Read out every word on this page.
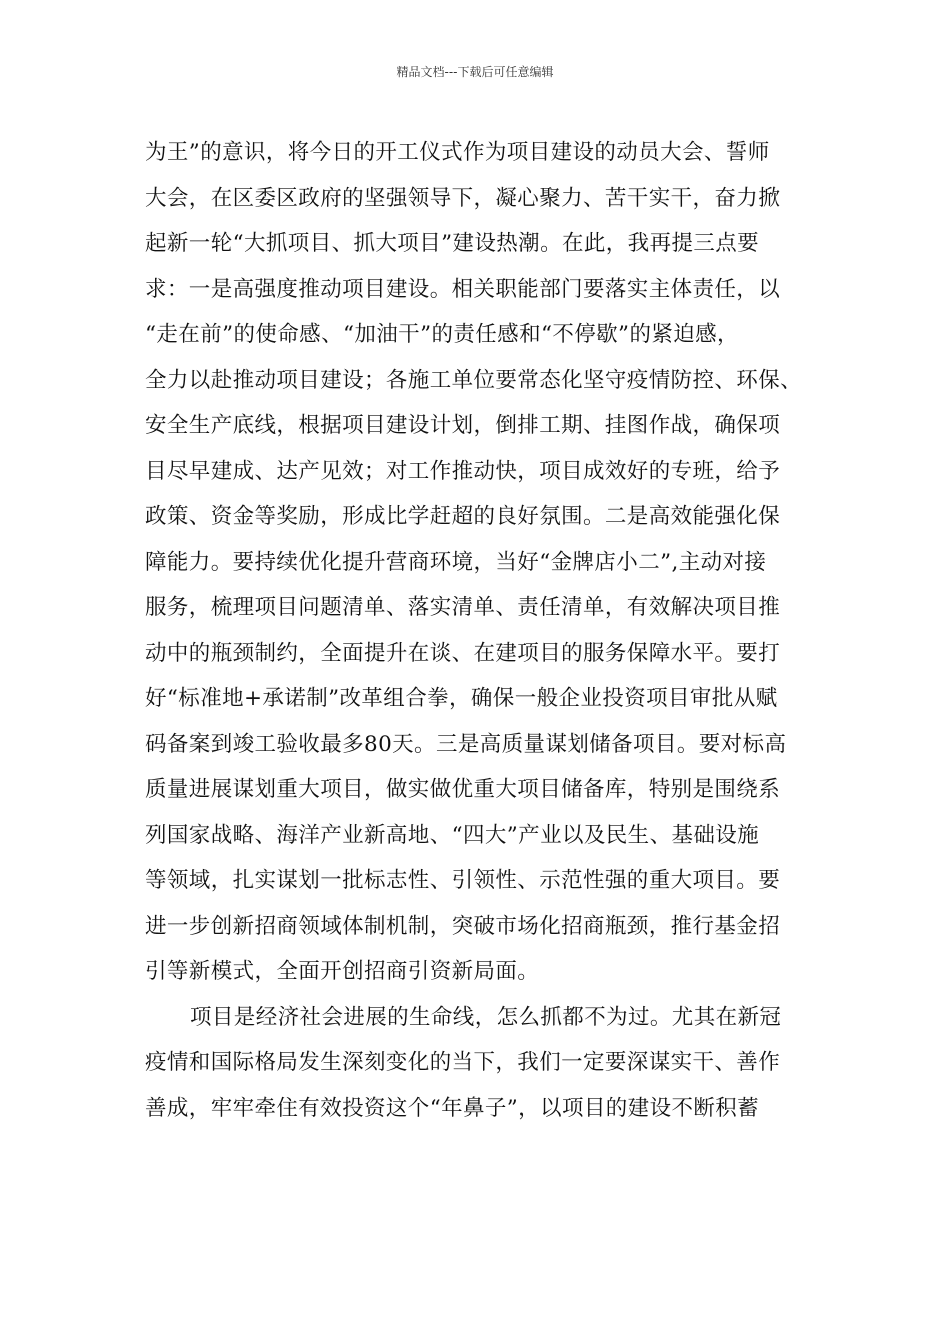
精品文档---下载后可任意编辑
为王”的意识，将今日的开工仪式作为项目建设的动员大会、誓师
大会，在区委区政府的坚强领导下，凝心聚力、苦干实干，奋力掀
起新一轮“大抓项目、抓大项目”建设热潮。在此，我再提三点要
求：一是高强度推动项目建设。相关职能部门要落实主体责任，以
“走在前”的使命感、“加油干”的责任感和“不停歇”的紧迫感，
全力以赴推动项目建设；各施工单位要常态化坚守疫情防控、环保、
安全生产底线，根据项目建设计划，倒排工期、挂图作战，确保项
目尽早建成、达产见效；对工作推动快，项目成效好的专班，给予
政策、资金等奖励，形成比学赶超的良好氛围。二是高效能强化保
障能力。要持续优化提升营商环境，当好“金牌店小二”,主动对接
服务，梳理项目问题清单、落实清单、责任清单，有效解决项目推
动中的瓶颈制约，全面提升在谈、在建项目的服务保障水平。要打
好“标准地+承诺制”改革组合拳，确保一般企业投资项目审批从赋
码备案到竣工验收最多80天。三是高质量谋划储备项目。要对标高
质量进展谋划重大项目，做实做优重大项目储备库，特别是围绕系
列国家战略、海洋产业新高地、“四大”产业以及民生、基础设施
等领域，扎实谋划一批标志性、引领性、示范性强的重大项目。要
进一步创新招商领域体制机制，突破市场化招商瓶颈，推行基金招
引等新模式，全面开创招商引资新局面。
项目是经济社会进展的生命线，怎么抓都不为过。尤其在新冠
疫情和国际格局发生深刻变化的当下，我们一定要深谋实干、善作
善成，牢牢牵住有效投资这个“年鼻子”，以项目的建设不断积蓄
